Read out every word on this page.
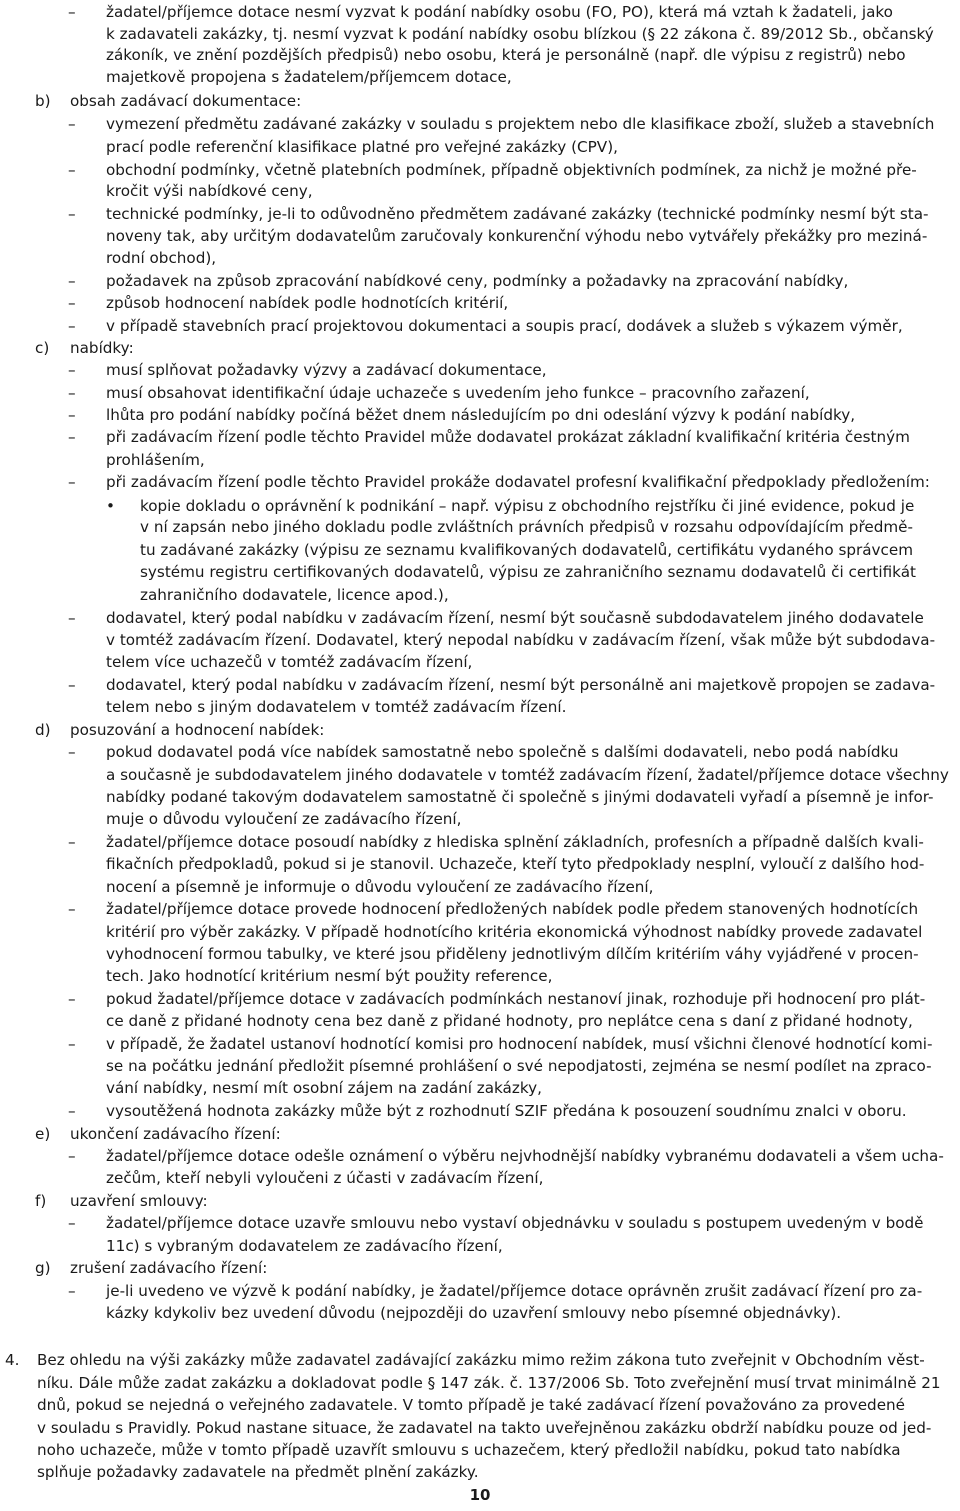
– žadatel/příjemce dotace nesmí vyzvat k podání nabídky osobu (FO, PO), která má vztah k žadateli, jako
k zadavateli zakázky, tj. nesmí vyzvat k podání nabídky osobu blízkou (§ 22 zákona č. 89/2012 Sb., občanský
zákoník, ve znění pozdějších předpisů) nebo osobu, která je personálně (např. dle výpisu z registrů) nebo
majetkově propojena s žadatelem/příjemcem dotace,
b) obsah zadávací dokumentace:
– vymezení předmětu zadávané zakázky v souladu s projektem nebo dle klasifikace zboží, služeb a stavebních
prací podle referenční klasifikace platné pro veřejné zakázky (CPV),
– obchodní podmínky, včetně platebních podmínek, případně objektivních podmínek, za nichž je možné pře-
kročit výši nabídkové ceny,
– technické podmínky, je-li to odůvodněno předmětem zadávané zakázky (technické podmínky nesmí být sta-
noveny tak, aby určitým dodavatelům zaručovaly konkurenční výhodu nebo vytvářely překážky pro meziná-
rodní obchod),
– požadavek na způsob zpracování nabídkové ceny, podmínky a požadavky na zpracování nabídky,
– způsob hodnocení nabídek podle hodnotících kritérií,
– v případě stavebních prací projektovou dokumentaci a soupis prací, dodávek a služeb s výkazem výměr,
c) nabídky:
– musí splňovat požadavky výzvy a zadávací dokumentace,
– musí obsahovat identifikační údaje uchazeče s uvedením jeho funkce – pracovního zařazení,
– lhůta pro podání nabídky počíná běžet dnem následujícím po dni odeslání výzvy k podání nabídky,
– při zadávacím řízení podle těchto Pravidel může dodavatel prokázat základní kvalifikační kritéria čestným
prohlášením,
– při zadávacím řízení podle těchto Pravidel prokáže dodavatel profesní kvalifikační předpoklady předložením:
• kopie dokladu o oprávnění k podnikání – např. výpisu z obchodního rejstříku či jiné evidence, pokud je
v ní zapsán nebo jiného dokladu podle zvláštních právních předpisů v rozsahu odpovídajícím předmě-
tu zadávané zakázky (výpisu ze seznamu kvalifikovaných dodavatelů, certifikátu vydaného správcem
systému registru certifikovaných dodavatelů, výpisu ze zahraničního seznamu dodavatelů či certifikát
zahraničního dodavatele, licence apod.),
– dodavatel, který podal nabídku v zadávacím řízení, nesmí být současně subdodavatelem jiného dodavatele
v tomtéž zadávacím řízení. Dodavatel, který nepodal nabídku v zadávacím řízení, však může být subdodava-
telem více uchazečů v tomtéž zadávacím řízení,
– dodavatel, který podal nabídku v zadávacím řízení, nesmí být personálně ani majetkově propojen se zadava-
telem nebo s jiným dodavatelem v tomtéž zadávacím řízení.
d) posuzování a hodnocení nabídek:
– pokud dodavatel podá více nabídek samostatně nebo společně s dalšími dodavateli, nebo podá nabídku
a současně je subdodavatelem jiného dodavatele v tomtéž zadávacím řízení, žadatel/příjemce dotace všechny
nabídky podané takovým dodavatelem samostatně či společně s jinými dodavateli vyřadí a písemně je infor-
muje o důvodu vyloučení ze zadávacího řízení,
– žadatel/příjemce dotace posoudí nabídky z hlediska splnění základních, profesních a případně dalších kvali-
fikačních předpokladů, pokud si je stanovil. Uchazeče, kteří tyto předpoklady nesplní, vyloučí z dalšího hod-
nocení a písemně je informuje o důvodu vyloučení ze zadávacího řízení,
– žadatel/příjemce dotace provede hodnocení předložených nabídek podle předem stanovených hodnotících
kritérií pro výběr zakázky. V případě hodnotícího kritéria ekonomická výhodnost nabídky provede zadavatel
vyhodnocení formou tabulky, ve které jsou přiděleny jednotlivým dílčím kritériím váhy vyjádřené v procen-
tech. Jako hodnotící kritérium nesmí být použity reference,
– pokud žadatel/příjemce dotace v zadávacích podmínkách nestanoví jinak, rozhoduje při hodnocení pro plát-
ce daně z přidané hodnoty cena bez daně z přidané hodnoty, pro neplátce cena s daní z přidané hodnoty,
– v případě, že žadatel ustanoví hodnotící komisi pro hodnocení nabídek, musí všichni členové hodnotící komi-
se na počátku jednání předložit písemné prohlášení o své nepodjatosti, zejména se nesmí podílet na zpraco-
vání nabídky, nesmí mít osobní zájem na zadání zakázky,
– vysoutěžená hodnota zakázky může být z rozhodnutí SZIF předána k posouzení soudnímu znalci v oboru.
e) ukončení zadávacího řízení:
– žadatel/příjemce dotace odešle oznámení o výběru nejvhodnější nabídky vybranému dodavateli a všem ucha-
zečům, kteří nebyli vyloučeni z účasti v zadávacím řízení,
f) uzavření smlouvy:
– žadatel/příjemce dotace uzavře smlouvu nebo vystaví objednávku v souladu s postupem uvedeným v bodě
11c) s vybraným dodavatelem ze zadávacího řízení,
g) zrušení zadávacího řízení:
– je-li uvedeno ve výzvě k podání nabídky, je žadatel/příjemce dotace oprávněn zrušit zadávací řízení pro za-
kázky kdykoliv bez uvedení důvodu (nejpozději do uzavření smlouvy nebo písemné objednávky).
4. Bez ohledu na výši zakázky může zadavatel zadávající zakázku mimo režim zákona tuto zveřejnit v Obchodním věst-
níku. Dále může zadat zakázku a dokladovat podle § 147 zák. č. 137/2006 Sb. Toto zveřejnění musí trvat minimálně 21
dnů, pokud se nejedná o veřejného zadavatele. V tomto případě je také zadávací řízení považováno za provedené
v souladu s Pravidly. Pokud nastane situace, že zadavatel na takto uveřejněnou zakázku obdrží nabídku pouze od jed-
noho uchazeče, může v tomto případě uzavřít smlouvu s uchazečem, který předložil nabídku, pokud tato nabídka
splňuje požadavky zadavatele na předmět plnění zakázky.
10
